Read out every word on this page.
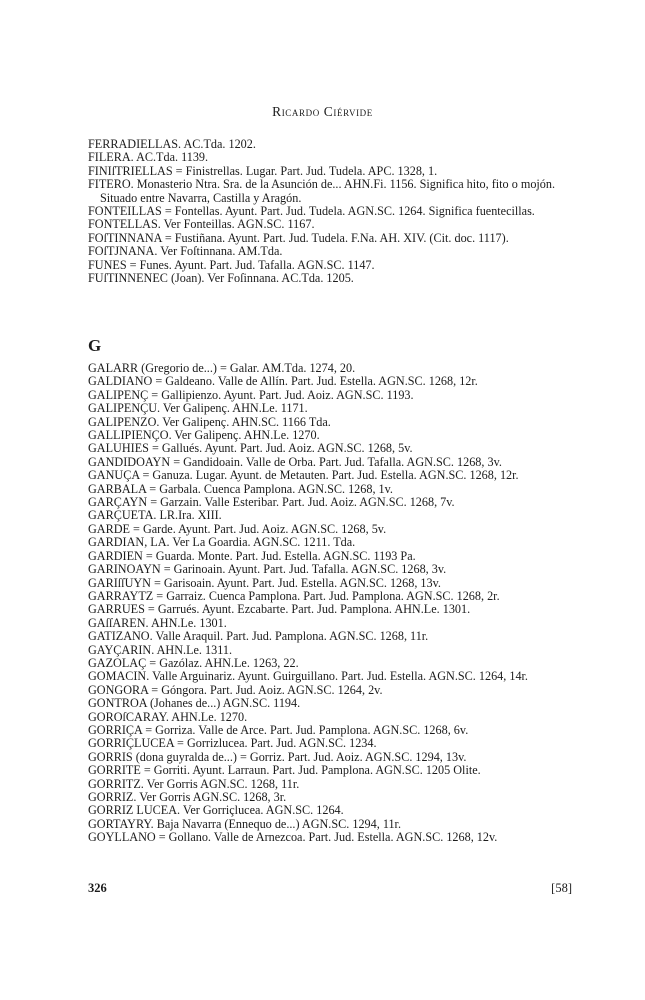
Ricardo Ciérvide

FERRADIELLAS. AC.Tda. 1202.

FILERA. AC.Tda. 1139.

FINIſTRIELLAS = Finistrellas. Lugar. Part. Jud. Tudela. APC. 1328, 1.

FITERO. Monasterio Ntra. Sra. de la Asunción de... AHN.Fi. 1156. Significa hito, fito o mojón. Situado entre Navarra, Castilla y Aragón.

FONTEILLAS = Fontellas. Ayunt. Part. Jud. Tudela. AGN.SC. 1264. Significa fuentecillas.

FONTELLAS. Ver Fonteillas. AGN.SC. 1167.

FOſTINNANA = Fustiñana. Ayunt. Part. Jud. Tudela. F.Na. AH. XIV. (Cit. doc. 1117).

FOſTJNANA. Ver Foſtinnana. AM.Tda.

FUNES = Funes. Ayunt. Part. Jud. Tafalla. AGN.SC. 1147.

FUſTINNENEC (Joan). Ver Foſinnana. AC.Tda. 1205.

G

GALARR (Gregorio de...) = Galar. AM.Tda. 1274, 20.

GALDIANO = Galdeano. Valle de Allín. Part. Jud. Estella. AGN.SC. 1268, 12r.

GALIPENÇ = Gallipienzo. Ayunt. Part. Jud. Aoiz. AGN.SC. 1193.

GALIPENÇU. Ver Galipenç. AHN.Le. 1171.

GALIPENZO. Ver Galipenç. AHN.SC. 1166 Tda.

GALLIPIENÇO. Ver Galipenç. AHN.Le. 1270.

GALUHIES = Gallués. Ayunt. Part. Jud. Aoiz. AGN.SC. 1268, 5v.

GANDIDOAYN = Gandidoain. Valle de Orba. Part. Jud. Tafalla. AGN.SC. 1268, 3v.

GANUÇA = Ganuza. Lugar. Ayunt. de Metauten. Part. Jud. Estella. AGN.SC. 1268, 12r.

GARBALA = Garbala. Cuenca Pamplona. AGN.SC. 1268, 1v.

GARÇAYN = Garzain. Valle Esteribar. Part. Jud. Aoiz. AGN.SC. 1268, 7v.

GARÇUETA. LR.Ira. XIII.

GARDE = Garde. Ayunt. Part. Jud. Aoiz. AGN.SC. 1268, 5v.

GARDIAN, LA. Ver La Goardia. AGN.SC. 1211. Tda.

GARDIEN = Guarda. Monte. Part. Jud. Estella. AGN.SC. 1193 Pa.

GARINOAYN = Garinoain. Ayunt. Part. Jud. Tafalla. AGN.SC. 1268, 3v.

GARIſſUYN = Garisoain. Ayunt. Part. Jud. Estella. AGN.SC. 1268, 13v.

GARRAYTZ = Garraiz. Cuenca Pamplona. Part. Jud. Pamplona. AGN.SC. 1268, 2r.

GARRUES = Garrués. Ayunt. Ezcabarte. Part. Jud. Pamplona. AHN.Le. 1301.

GAſſAREN. AHN.Le. 1301.

GATIZANO. Valle Araquil. Part. Jud. Pamplona. AGN.SC. 1268, 11r.

GAYÇARIN. AHN.Le. 1311.

GAZOLAÇ = Gazólaz. AHN.Le. 1263, 22.

GOMACIN. Valle Arguinariz. Ayunt. Guirguillano. Part. Jud. Estella. AGN.SC. 1264, 14r.

GONGORA = Góngora. Part. Jud. Aoiz. AGN.SC. 1264, 2v.

GONTROA (Johanes de...) AGN.SC. 1194.

GOROſCARAY. AHN.Le. 1270.

GORRIÇA = Gorriza. Valle de Arce. Part. Jud. Pamplona. AGN.SC. 1268, 6v.

GORRIÇLUCEA = Gorrizlucea. Part. Jud. AGN.SC. 1234.

GORRIS (dona guyralda de...) = Gorriz. Part. Jud. Aoiz. AGN.SC. 1294, 13v.

GORRITE = Gorriti. Ayunt. Larraun. Part. Jud. Pamplona. AGN.SC. 1205 Olite.

GORRITZ. Ver Gorris AGN.SC. 1268, 11r.

GORRIZ. Ver Gorris AGN.SC. 1268, 3r.

GORRIZ LUCEA. Ver Gorriçlucea. AGN.SC. 1264.

GORTAYRY. Baja Navarra (Ennequo de...) AGN.SC. 1294, 11r.

GOYLLANO = Gollano. Valle de Arnezcoa. Part. Jud. Estella. AGN.SC. 1268, 12v.

326	[58]
